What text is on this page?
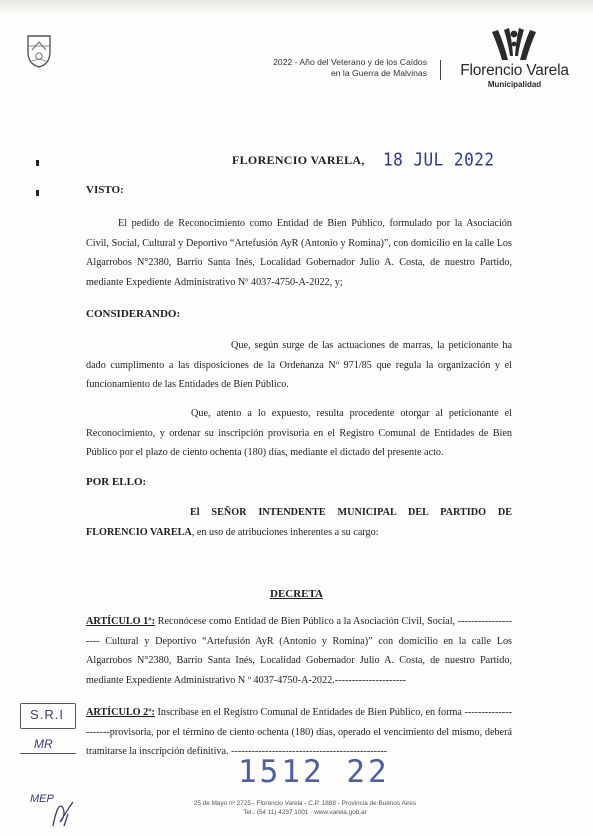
2022 - Año del Veterano y de los Caídos
en la Guerra de Malvinas	Florencio Varela
Municipalidad
FLORENCIO VARELA, 18 JUL 2022
VISTO:

El pedido de Reconocimiento como Entidad de Bien Público, formulado por la Asociación Civil, Social, Cultural y Deportivo “Artefusión AyR (Antonio y Romina)”, con domicilio en la calle Los Algarrobos N°2380, Barrio Santa Inés, Localidad Gobernador Julio A. Costa, de nuestro Partido, mediante Expediente Administrativo Nº 4037-4750-A-2022, y;

CONSIDERANDO:

Que, según surge de las actuaciones de marras, la peticionante ha dado cumplimento a las disposiciones de la Ordenanza Nº 971/85 que regula la organización y el funcionamiento de las Entidades de Bien Público.

Que, atento a lo expuesto, resulta procedente otorgar al peticionante el Reconocimiento, y ordenar su inscripción provisoria en el Registro Comunal de Entidades de Bien Público por el plazo de ciento ochenta (180) días, mediante el dictado del presente acto.

POR ELLO:

El SEÑOR INTENDENTE MUNICIPAL DEL PARTIDO DE FLORENCIO VARELA, en uso de atribuciones inherentes a su cargo:

DECRETA

ARTÍCULO 1º: Reconócese como Entidad de Bien Público a la Asociación Civil, Social, -------------------- Cultural y Deportivo “Artefusión AyR (Antonio y Romina)” con domicilio en la calle Los Algarrobos N°2380, Barrio Santa Inés, Localidad Gobernador Julio A. Costa, de nuestro Partido, mediante Expediente Administrativo N º 4037-4750-A-2022.---------------------

ARTÍCULO 2º: Inscríbase en el Registro Comunal de Entidades de Bien Público, en forma ---------------------provisoria, por el término de ciento ochenta (180) días, operado el vencimiento del mismo, deberá tramitarse la inscripción definitiva. ----------------------------------------------

S.R.I
MR
MEP
1512 22
25 de Mayo nº 2725 - Florencio Varela - C.P. 1888 - Provincia de Buenos Aires
Tel.: (54 11) 4237 1001 · www.varela.gob.ar
